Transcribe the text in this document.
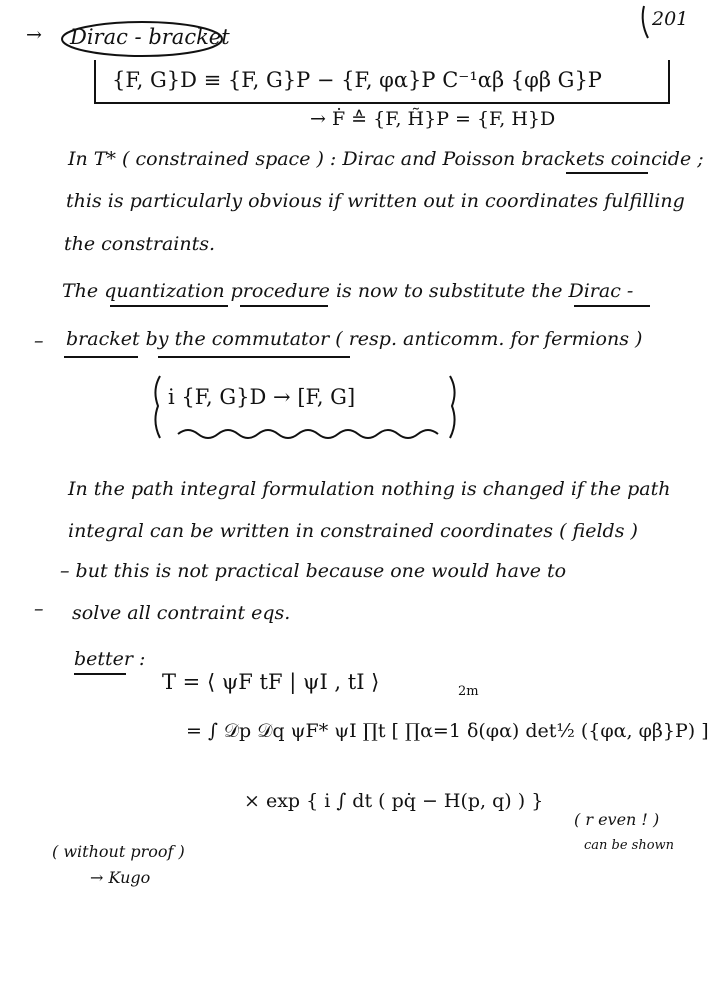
201
→ Dirac - bracket
{F, G}D ≡ {F, G}P − {F, φα}P C⁻¹αβ {φβ G}P
→ Ḟ ≙ {F, H̃}P = {F, H}D
In T* ( constrained space ) : Dirac and Poisson brackets coincide ;
this is particularly obvious if written out in coordinates fulfilling
the constraints.
The quantization procedure is now to substitute the Dirac -
– bracket by the commutator ( resp. anticomm. for fermions )
i {F, G}D → [F, G]
In the path integral formulation nothing is changed if the path
integral can be written in constrained coordinates ( fields )
– but this is not practical because one would have to
– solve all contraint eqs.
better :
T = ⟨ ψF tF | ψI , tI ⟩	2m
= ∫ 𝒟p 𝒟q ψF* ψI ∏t [ ∏α=1 δ(φα) det½ ({φα, φβ}P) ]
× exp { i ∫ dt ( pq̇ − H(p, q) ) }
( r even ! )
can be shown
( without proof )
→ Kugo
